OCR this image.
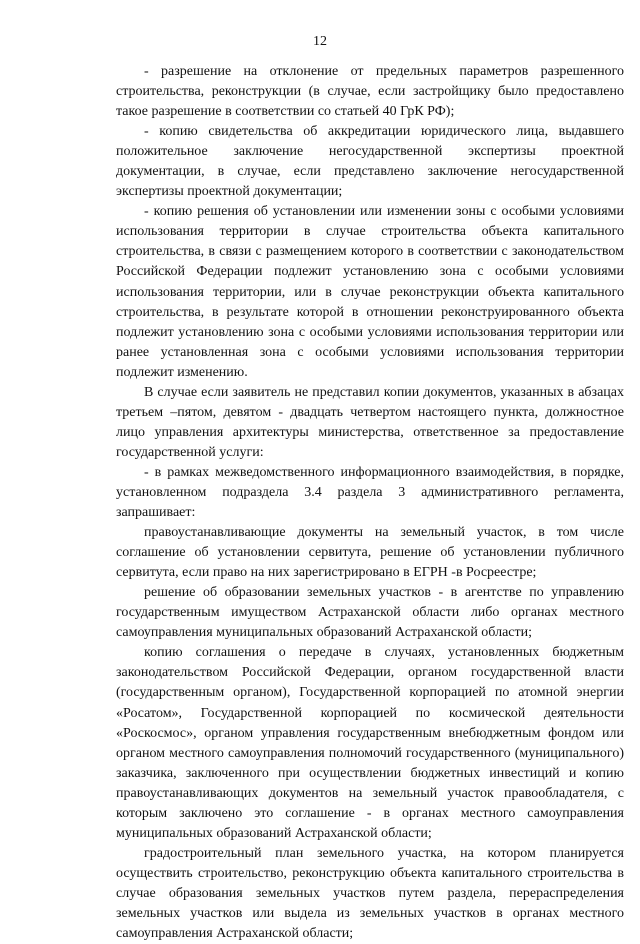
12

- разрешение на отклонение от предельных параметров разрешенного строительства, реконструкции (в случае, если застройщику было предоставлено такое разрешение в соответствии со статьей 40 ГрК РФ);

- копию свидетельства об аккредитации юридического лица, выдавшего положительное заключение негосударственной экспертизы проектной документации, в случае, если представлено заключение негосударственной экспертизы проектной документации;

- копию решения об установлении или изменении зоны с особыми условиями использования территории в случае строительства объекта капитального строительства, в связи с размещением которого в соответствии с законодательством Российской Федерации подлежит установлению зона с особыми условиями использования территории, или в случае реконструкции объекта капитального строительства, в результате которой в отношении реконструированного объекта подлежит установлению зона с особыми условиями использования территории или ранее установленная зона с особыми условиями использования территории подлежит изменению.

В случае если заявитель не представил копии документов, указанных в абзацах третьем –пятом, девятом - двадцать четвертом настоящего пункта, должностное лицо управления архитектуры министерства, ответственное за предоставление государственной услуги:

- в рамках межведомственного информационного взаимодействия, в порядке, установленном подраздела 3.4 раздела 3 административного регламента, запрашивает:

правоустанавливающие документы на земельный участок, в том числе соглашение об установлении сервитута, решение об установлении публичного сервитута, если право на них зарегистрировано в ЕГРН -в Росреестре;

решение об образовании земельных участков - в агентстве по управлению государственным имуществом Астраханской области либо органах местного самоуправления муниципальных образований Астраханской области;

копию соглашения о передаче в случаях, установленных бюджетным законодательством Российской Федерации, органом государственной власти (государственным органом), Государственной корпорацией по атомной энергии «Росатом», Государственной корпорацией по космической деятельности «Роскосмос», органом управления государственным внебюджетным фондом или органом местного самоуправления полномочий государственного (муниципального) заказчика, заключенного при осуществлении бюджетных инвестиций и копию правоустанавливающих документов на земельный участок правообладателя, с которым заключено это соглашение - в органах местного самоуправления муниципальных образований Астраханской области;

градостроительный план земельного участка, на котором планируется осуществить строительство, реконструкцию объекта капитального строительства в случае образования земельных участков путем раздела, перераспределения земельных участков или выдела из земельных участков в органах местного самоуправления Астраханской области;
